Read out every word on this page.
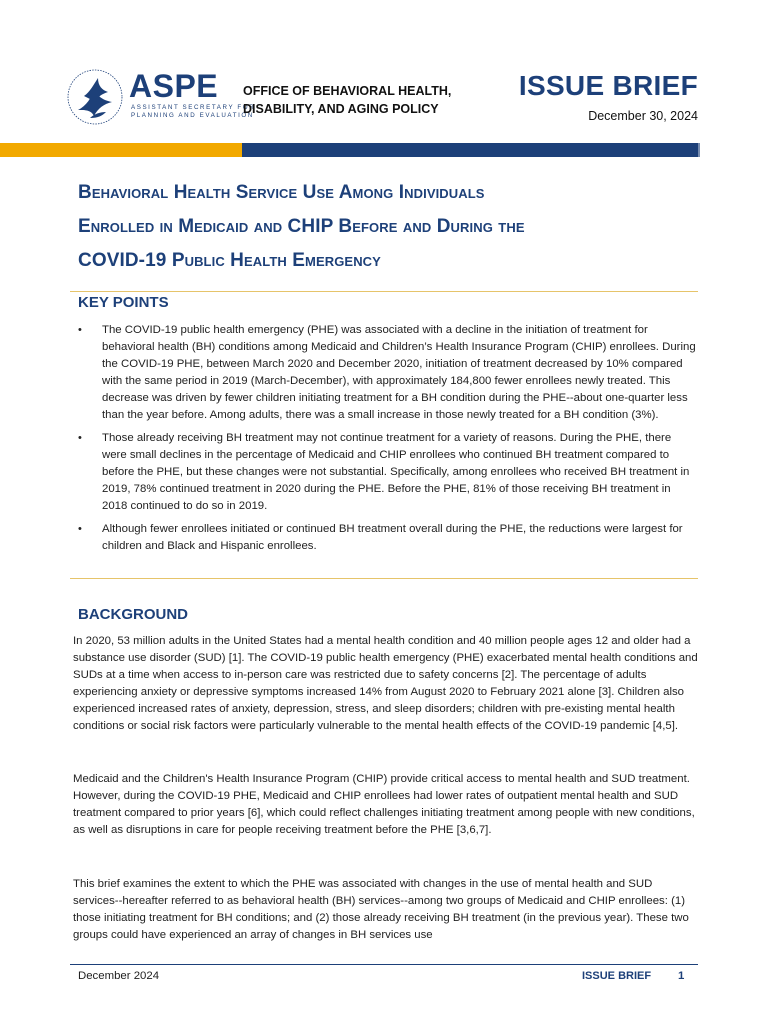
ASPE
ASSISTANT SECRETARY FOR
PLANNING AND EVALUATION
OFFICE OF BEHAVIORAL HEALTH,
DISABILITY, AND AGING POLICY
ISSUE BRIEF
December 30, 2024
Behavioral Health Service Use Among Individuals
Enrolled in Medicaid and CHIP Before and During the
COVID-19 Public Health Emergency
KEY POINTS
• The COVID-19 public health emergency (PHE) was associated with a decline in the initiation of treatment for behavioral health (BH) conditions among Medicaid and Children’s Health Insurance Program (CHIP) enrollees. During the COVID-19 PHE, between March 2020 and December 2020, initiation of treatment decreased by 10% compared with the same period in 2019 (March-December), with approximately 184,800 fewer enrollees newly treated. This decrease was driven by fewer children initiating treatment for a BH condition during the PHE--about one-quarter less than the year before. Among adults, there was a small increase in those newly treated for a BH condition (3%).
• Those already receiving BH treatment may not continue treatment for a variety of reasons. During the PHE, there were small declines in the percentage of Medicaid and CHIP enrollees who continued BH treatment compared to before the PHE, but these changes were not substantial. Specifically, among enrollees who received BH treatment in 2019, 78% continued treatment in 2020 during the PHE. Before the PHE, 81% of those receiving BH treatment in 2018 continued to do so in 2019.
• Although fewer enrollees initiated or continued BH treatment overall during the PHE, the reductions were largest for children and Black and Hispanic enrollees.
BACKGROUND

In 2020, 53 million adults in the United States had a mental health condition and 40 million people ages 12 and older had a substance use disorder (SUD) [1]. The COVID-19 public health emergency (PHE) exacerbated mental health conditions and SUDs at a time when access to in-person care was restricted due to safety concerns [2]. The percentage of adults experiencing anxiety or depressive symptoms increased 14% from August 2020 to February 2021 alone [3]. Children also experienced increased rates of anxiety, depression, stress, and sleep disorders; children with pre-existing mental health conditions or social risk factors were particularly vulnerable to the mental health effects of the COVID-19 pandemic [4,5].

Medicaid and the Children's Health Insurance Program (CHIP) provide critical access to mental health and SUD treatment. However, during the COVID-19 PHE, Medicaid and CHIP enrollees had lower rates of outpatient mental health and SUD treatment compared to prior years [6], which could reflect challenges initiating treatment among people with new conditions, as well as disruptions in care for people receiving treatment before the PHE [3,6,7].

This brief examines the extent to which the PHE was associated with changes in the use of mental health and SUD services--hereafter referred to as behavioral health (BH) services--among two groups of Medicaid and CHIP enrollees: (1) those initiating treatment for BH conditions; and (2) those already receiving BH treatment (in the previous year). These two groups could have experienced an array of changes in BH services use

December 2024	ISSUE BRIEF 1
